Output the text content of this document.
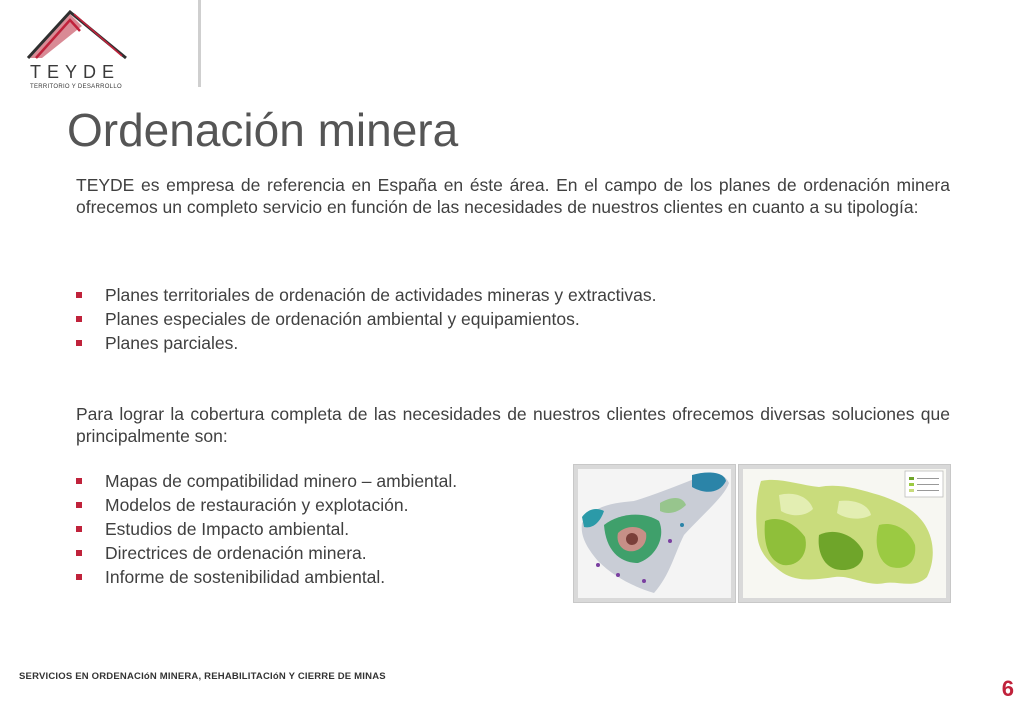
TEYDE
TERRITORIO Y DESARROLLO
Ordenación minera

TEYDE es empresa de referencia en España en éste área. En el campo de los planes de ordenación minera ofrecemos un completo servicio en función de las necesidades de nuestros clientes en cuanto a su tipología:

Planes territoriales de ordenación de actividades mineras y extractivas.
Planes especiales de ordenación ambiental y equipamientos.
Planes parciales.

Para lograr la cobertura completa de las necesidades de nuestros clientes ofrecemos diversas soluciones que principalmente son:

Mapas de compatibilidad minero – ambiental.
Modelos de restauración y explotación.
Estudios de Impacto ambiental.
Directrices de ordenación minera.
Informe de sostenibilidad ambiental.
SERVICIOS EN ORDENACIóN MINERA, REHABILITACIóN Y CIERRE DE MINAS	6
